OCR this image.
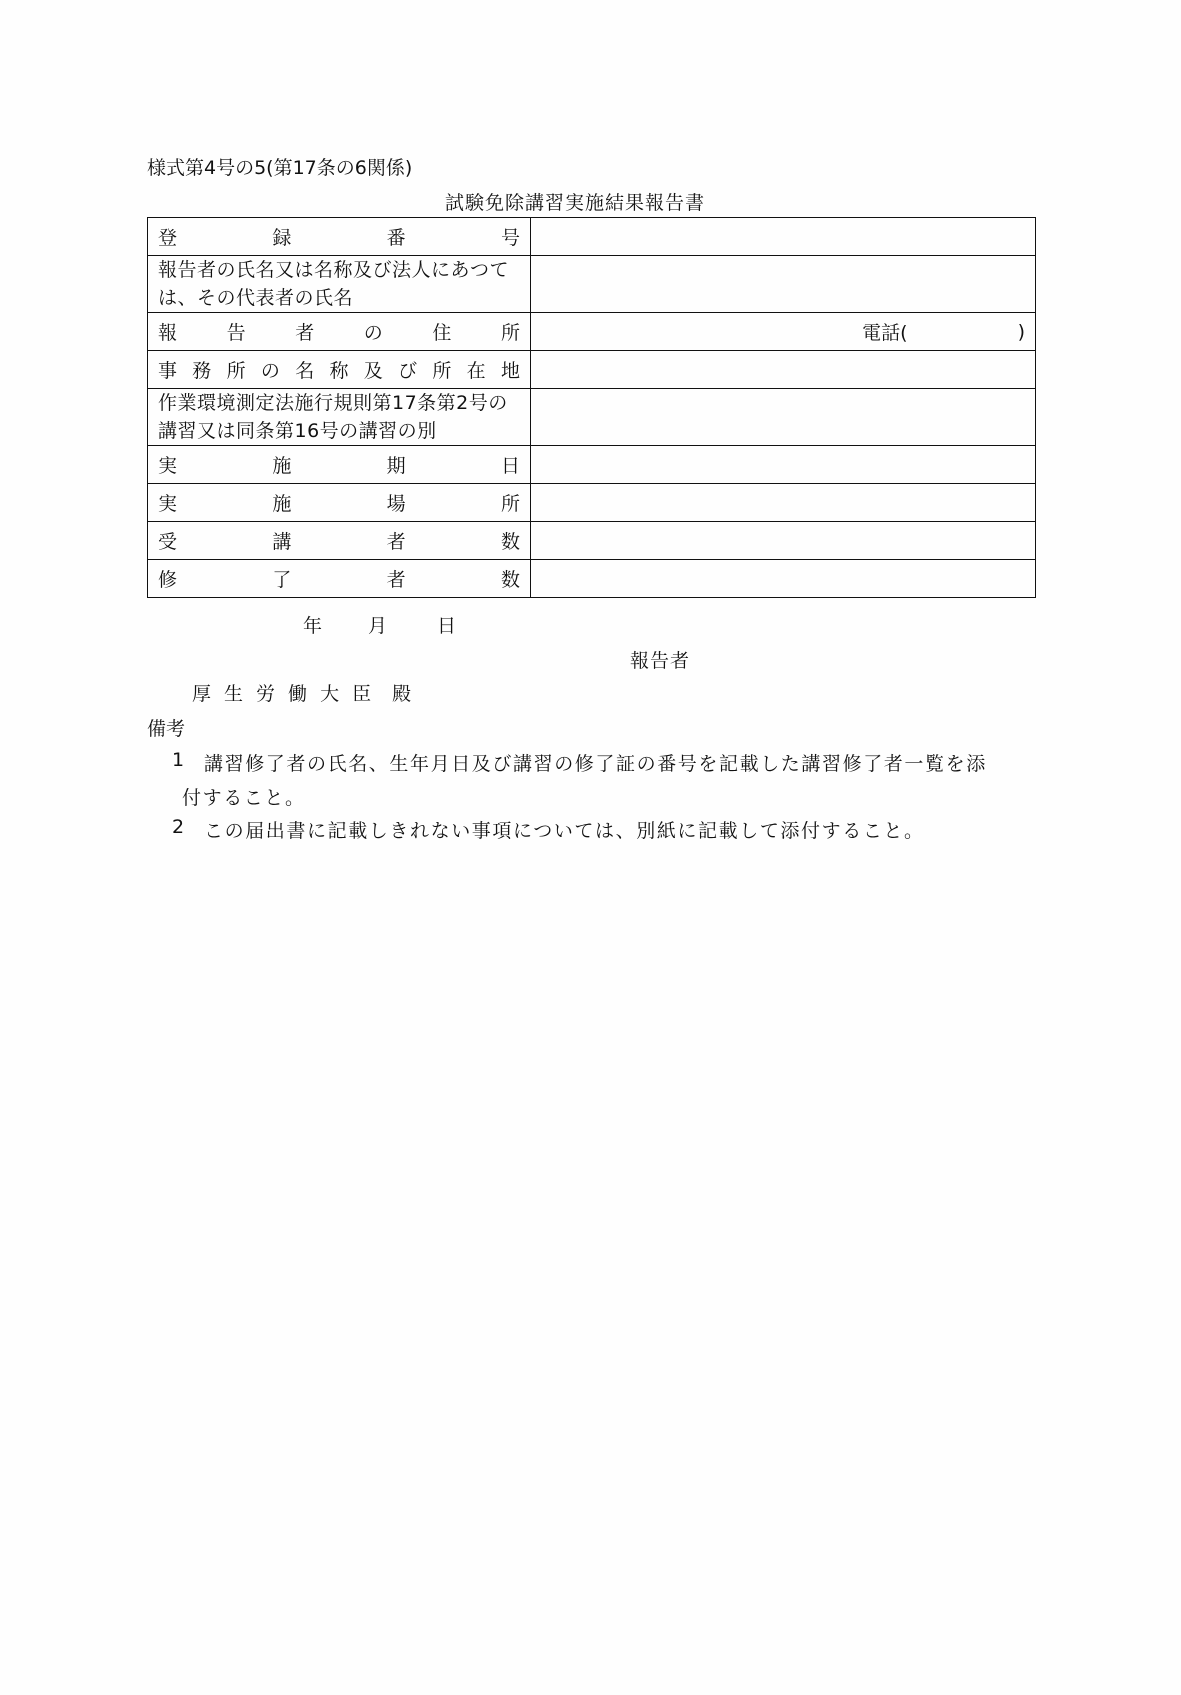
様式第4号の5(第17条の6関係)
試験免除講習実施結果報告書
登 録 番 号	

報告者の氏名又は名称及び法人にあつては、その代表者の氏名	

報	告	者	の	住	所	電話(	)

事 務 所 の 名 称 及 び 所 在 地

作業環境測定法施行規則第17条第2号の講習又は同条第16号の講習の別	

実 施 期 日	

実 施 場 所	

受 講 者 数	

修 了 者 数	

年 月	日
報告者
厚 生 労 働 大 臣 殿
備考
1 講習修了者の氏名、生年月日及び講習の修了証の番号を記載した講習修了者一覧を添
付すること。
2 この届出書に記載しきれない事項については、別紙に記載して添付すること。
